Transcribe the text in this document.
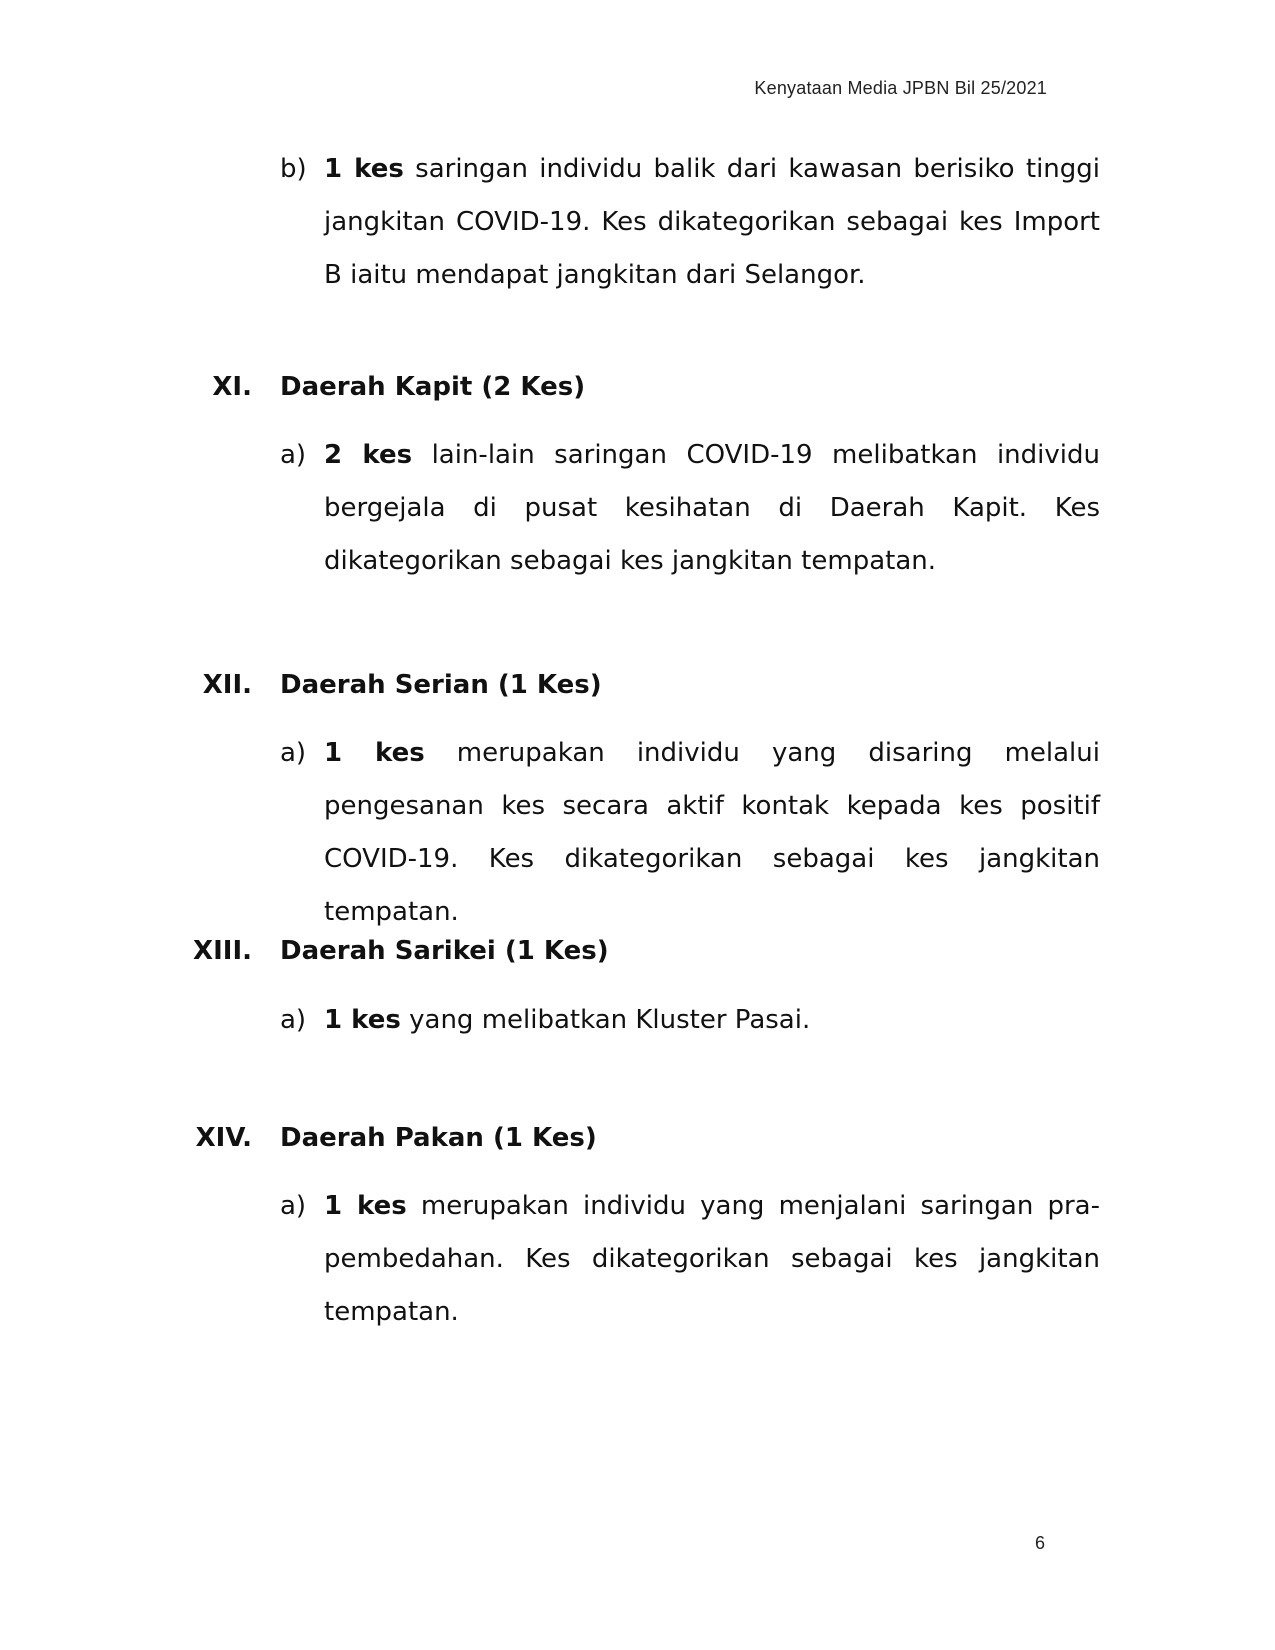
Kenyataan Media JPBN Bil 25/2021
b) 1 kes saringan individu balik dari kawasan berisiko tinggi jangkitan COVID-19. Kes dikategorikan sebagai kes Import B iaitu mendapat jangkitan dari Selangor.
XI. Daerah Kapit (2 Kes)
a) 2 kes lain-lain saringan COVID-19 melibatkan individu bergejala di pusat kesihatan di Daerah Kapit. Kes dikategorikan sebagai kes jangkitan tempatan.
XII. Daerah Serian (1 Kes)
a) 1 kes merupakan individu yang disaring melalui pengesanan kes secara aktif kontak kepada kes positif COVID-19. Kes dikategorikan sebagai kes jangkitan tempatan.
XIII. Daerah Sarikei (1 Kes)
a) 1 kes yang melibatkan Kluster Pasai.
XIV. Daerah Pakan (1 Kes)
a) 1 kes merupakan individu yang menjalani saringan pra-pembedahan. Kes dikategorikan sebagai kes jangkitan tempatan.
6
